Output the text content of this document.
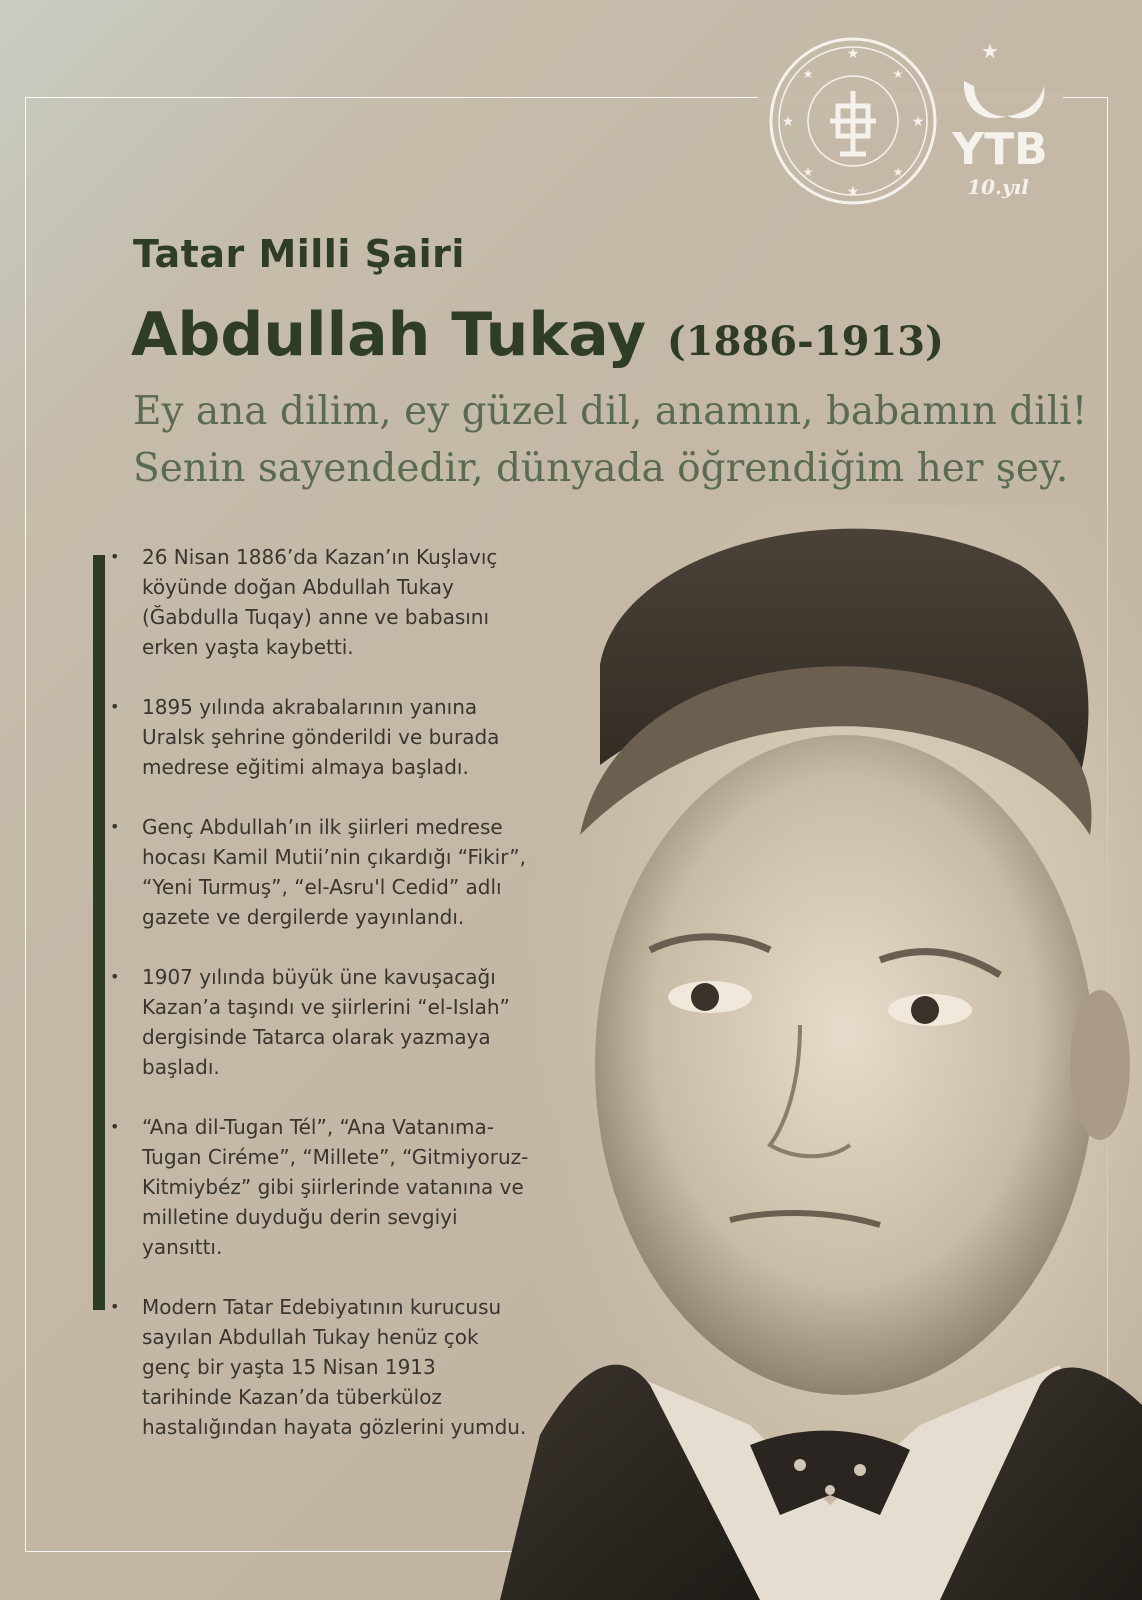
★
★
★	★
★	★
★	★
★
YTB
10.yıl
Tatar Milli Şairi
Abdullah Tukay (1886-1913)
Ey ana dilim, ey güzel dil, anamın, babamın dili!
Senin sayendedir, dünyada öğrendiğim her şey.
• 26 Nisan 1886’da Kazan’ın Kuşlavıç köyünde doğan Abdullah Tukay (Ğabdulla Tuqay) anne ve babasını erken yaşta kaybetti.
• 1895 yılında akrabalarının yanına Uralsk şehrine gönderildi ve burada medrese eğitimi almaya başladı.
• Genç Abdullah’ın ilk şiirleri medrese hocası Kamil Mutii’nin çıkardığı “Fikir”, “Yeni Turmuş”, “el-Asru'l Cedid” adlı gazete ve dergilerde yayınlandı.
• 1907 yılında büyük üne kavuşacağı Kazan’a taşındı ve şiirlerini “el-Islah” dergisinde Tatarca olarak yazmaya başladı.
• “Ana dil-Tugan Tél”, “Ana Vatanıma-Tugan Ciréme”, “Millete”, “Gitmiyoruz-Kitmiybéz” gibi şiirlerinde vatanına ve milletine duyduğu derin sevgiyi yansıttı.
• Modern Tatar Edebiyatının kurucusu sayılan Abdullah Tukay henüz çok genç bir yaşta 15 Nisan 1913 tarihinde Kazan’da tüberküloz hastalığından hayata gözlerini yumdu.
